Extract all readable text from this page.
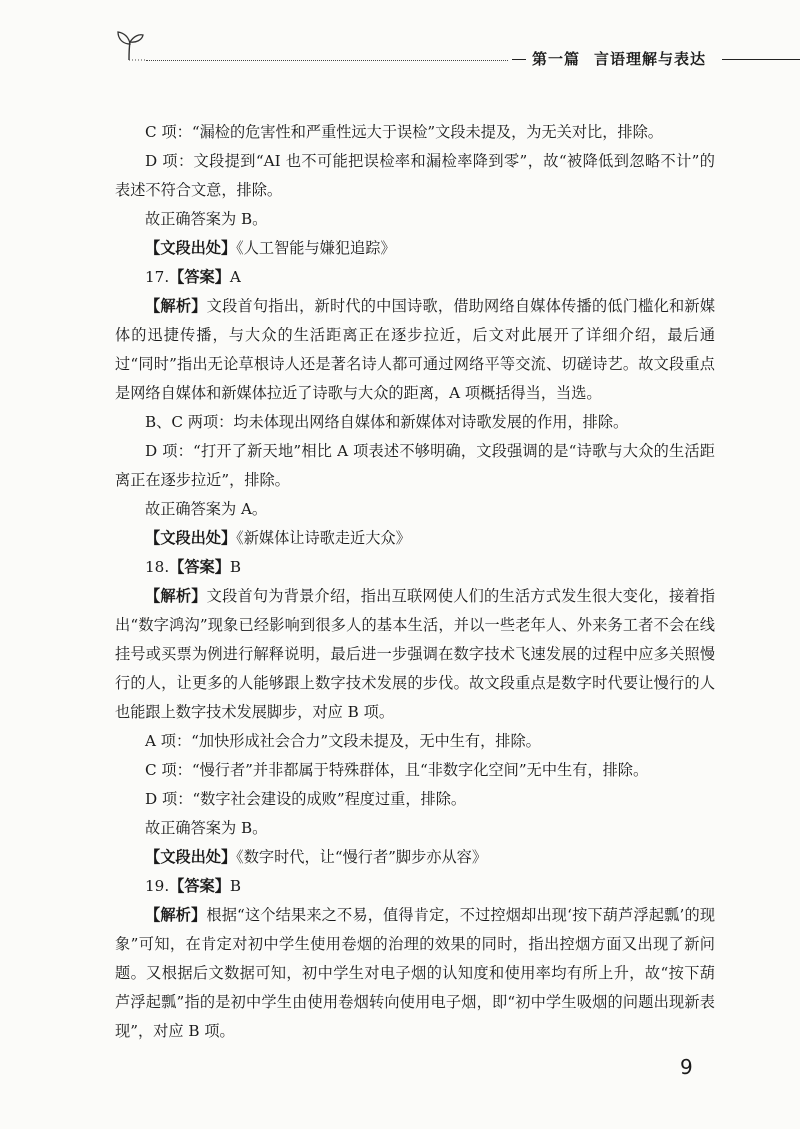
第一篇 言语理解与表达

C 项：“漏检的危害性和严重性远大于误检”文段未提及，为无关对比，排除。

D 项：文段提到“AI 也不可能把误检率和漏检率降到零”，故“被降低到忽略不计”的表述不符合文意，排除。

故正确答案为 B。

【文段出处】《人工智能与嫌犯追踪》

17.【答案】A

【解析】文段首句指出，新时代的中国诗歌，借助网络自媒体传播的低门槛化和新媒体的迅捷传播，与大众的生活距离正在逐步拉近，后文对此展开了详细介绍，最后通过“同时”指出无论草根诗人还是著名诗人都可通过网络平等交流、切磋诗艺。故文段重点是网络自媒体和新媒体拉近了诗歌与大众的距离，A 项概括得当，当选。

B、C 两项：均未体现出网络自媒体和新媒体对诗歌发展的作用，排除。

D 项：“打开了新天地”相比 A 项表述不够明确，文段强调的是“诗歌与大众的生活距离正在逐步拉近”，排除。

故正确答案为 A。

【文段出处】《新媒体让诗歌走近大众》

18.【答案】B

【解析】文段首句为背景介绍，指出互联网使人们的生活方式发生很大变化，接着指出“数字鸿沟”现象已经影响到很多人的基本生活，并以一些老年人、外来务工者不会在线挂号或买票为例进行解释说明，最后进一步强调在数字技术飞速发展的过程中应多关照慢行的人，让更多的人能够跟上数字技术发展的步伐。故文段重点是数字时代要让慢行的人也能跟上数字技术发展脚步，对应 B 项。

A 项：“加快形成社会合力”文段未提及，无中生有，排除。

C 项：“慢行者”并非都属于特殊群体，且“非数字化空间”无中生有，排除。

D 项：“数字社会建设的成败”程度过重，排除。

故正确答案为 B。

【文段出处】《数字时代，让“慢行者”脚步亦从容》

19.【答案】B

【解析】根据“这个结果来之不易，值得肯定，不过控烟却出现‘按下葫芦浮起瓢’的现象”可知，在肯定对初中学生使用卷烟的治理的效果的同时，指出控烟方面又出现了新问题。又根据后文数据可知，初中学生对电子烟的认知度和使用率均有所上升，故“按下葫芦浮起瓢”指的是初中学生由使用卷烟转向使用电子烟，即“初中学生吸烟的问题出现新表现”，对应 B 项。

9
